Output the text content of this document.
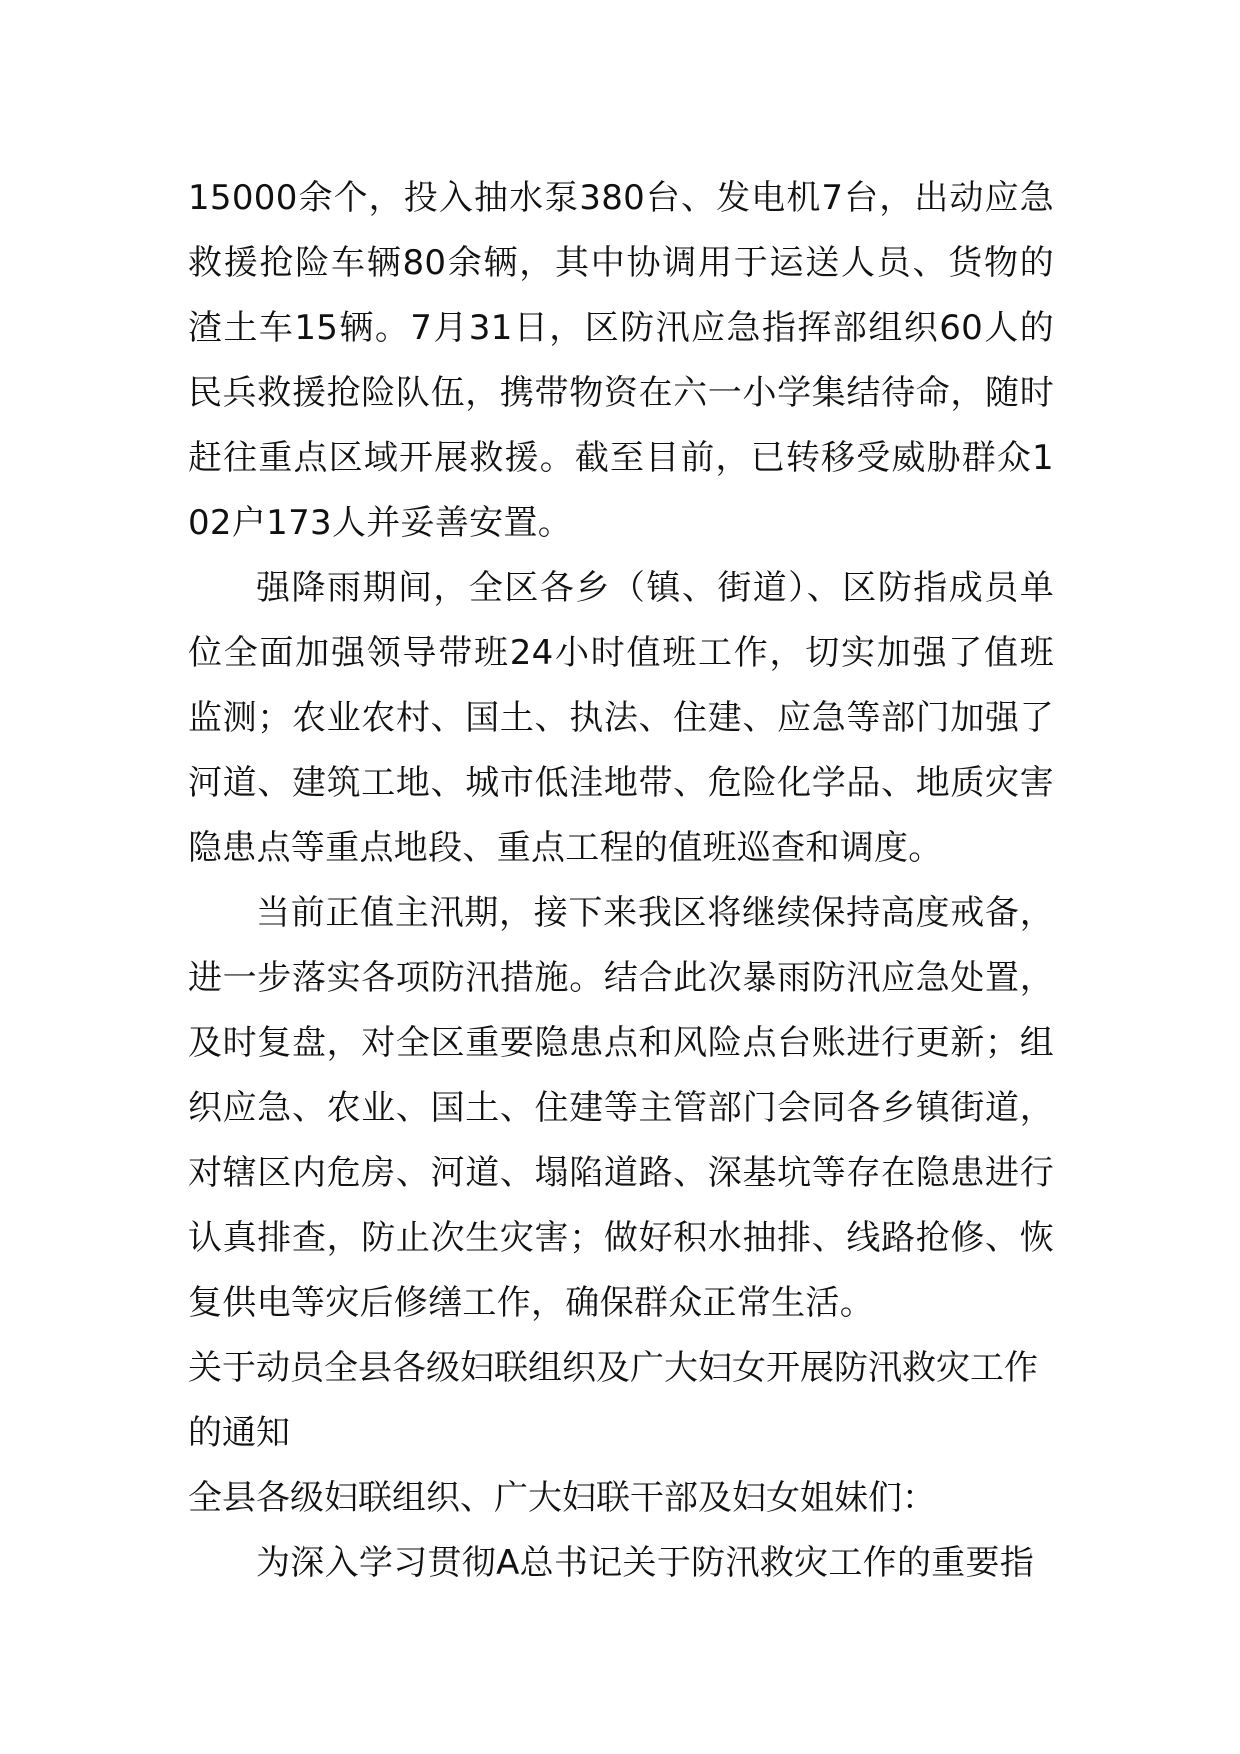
15000余个，投入抽水泵380台、发电机7台，出动应急救援抢险车辆80余辆，其中协调用于运送人员、货物的渣土车15辆。7月31日，区防汛应急指挥部组织60人的民兵救援抢险队伍，携带物资在六一小学集结待命，随时赶往重点区域开展救援。截至目前，已转移受威胁群众102户173人并妥善安置。

强降雨期间，全区各乡（镇、街道）、区防指成员单位全面加强领导带班24小时值班工作，切实加强了值班监测；农业农村、国土、执法、住建、应急等部门加强了河道、建筑工地、城市低洼地带、危险化学品、地质灾害隐患点等重点地段、重点工程的值班巡查和调度。

当前正值主汛期，接下来我区将继续保持高度戒备，进一步落实各项防汛措施。结合此次暴雨防汛应急处置，及时复盘，对全区重要隐患点和风险点台账进行更新；组织应急、农业、国土、住建等主管部门会同各乡镇街道，对辖区内危房、河道、塌陷道路、深基坑等存在隐患进行认真排查，防止次生灾害；做好积水抽排、线路抢修、恢复供电等灾后修缮工作，确保群众正常生活。

关于动员全县各级妇联组织及广大妇女开展防汛救灾工作的通知

全县各级妇联组织、广大妇联干部及妇女姐妹们：

为深入学习贯彻A总书记关于防汛救灾工作的重要指
